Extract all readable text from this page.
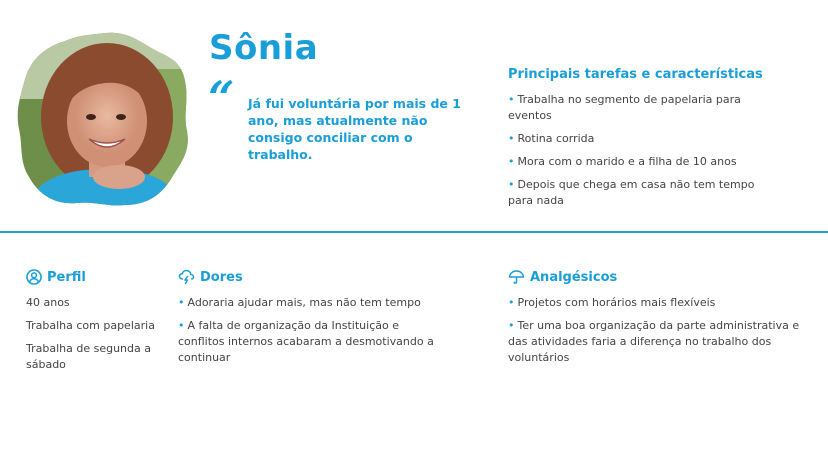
Sônia
“ Já fui voluntária por mais de 1 ano, mas atualmente não consigo conciliar com o trabalho.
Principais tarefas e características
• Trabalha no segmento de papelaria para eventos
• Rotina corrida
• Mora com o marido e a filha de 10 anos
• Depois que chega em casa não tem tempo para nada
Perfil
40 anos
Trabalha com papelaria
Trabalha de segunda a sábado
Dores
• Adoraria ajudar mais, mas não tem tempo
• A falta de organização da Instituição e conflitos internos acabaram a desmotivando a continuar
Analgésicos
• Projetos com horários mais flexíveis
• Ter uma boa organização da parte administrativa e das atividades faria a diferença no trabalho dos voluntários
